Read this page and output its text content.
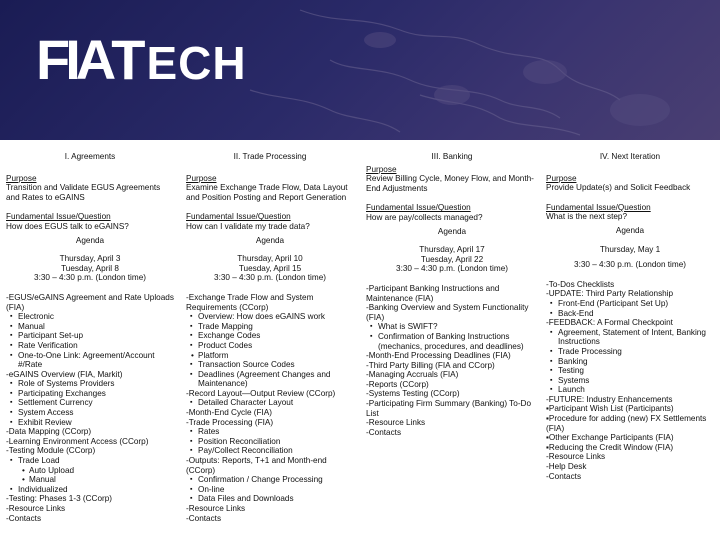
FIATECH
I. Agreements
Purpose
Transition and Validate EGUS Agreements and Rates to eGAINS
Fundamental Issue/Question
How does EGUS talk to eGAINS?
Agenda
Thursday, April 3
Tuesday, April 8
3:30 – 4:30 p.m. (London time)
-EGUS/eGAINS Agreement and Rate Uploads (FIA)
▪ Electronic
▪ Manual
▪ Participant Set-up
▪ Rate Verification
▪ One-to-One Link: Agreement/Account #/Rate
-eGAINS Overview (FIA, Markit)
▪ Role of Systems Providers
▪ Participating Exchanges
▪ Settlement Currency
▪ System Access
▪ Exhibit Review
-Data Mapping (CCorp)
-Learning Environment Access (CCorp)
-Testing Module (CCorp)
▪ Trade Load
• Auto Upload
• Manual
▪ Individualized
-Testing: Phases 1-3 (CCorp)
-Resource Links
-Contacts
II. Trade Processing
Purpose
Examine Exchange Trade Flow, Data Layout and Position Posting and Report Generation
Fundamental Issue/Question
How can I validate my trade data?
Agenda
Thursday, April 10
Tuesday, April 15
3:30 – 4:30 p.m. (London time)
-Exchange Trade Flow and System Requirements (CCorp)
▪ Overview: How does eGAINS work
▪ Trade Mapping
▪ Exchange Codes
▪ Product Codes
• Platform
▪ Transaction Source Codes
▪ Deadlines (Agreement Changes and Maintenance)
-Record Layout—Output Review (CCorp)
▪ Detailed Character Layout
-Month-End Cycle (FIA)
-Trade Processing (FIA)
▪ Rates
▪ Position Reconciliation
▪ Pay/Collect Reconciliation
-Outputs: Reports, T+1 and Month-end (CCorp)
▪ Confirmation / Change Processing
▪ On-line
▪ Data Files and Downloads
-Resource Links
-Contacts
III. Banking
Purpose
Review Billing Cycle, Money Flow, and Month-End Adjustments
Fundamental Issue/Question
How are pay/collects managed?
Agenda
Thursday, April 17
Tuesday, April 22
3:30 – 4:30 p.m. (London time)
-Participant Banking Instructions and Maintenance (FIA)
-Banking Overview and System Functionality (FIA)
▪ What is SWIFT?
▪ Confirmation of Banking Instructions (mechanics, procedures, and deadlines)
-Month-End Processing Deadlines (FIA)
-Third Party Billing (FIA and CCorp)
-Managing Accruals (FIA)
-Reports (CCorp)
-Systems Testing (CCorp)
-Participating Firm Summary (Banking) To-Do List
-Resource Links
-Contacts
IV. Next Iteration
Purpose
Provide Update(s) and Solicit Feedback
Fundamental Issue/Question
What is the next step?
Agenda
Thursday, May 1
3:30 – 4:30 p.m. (London time)
-To-Dos Checklists
-UPDATE: Third Party Relationship
▪ Front-End (Participant Set Up)
▪ Back-End
-FEEDBACK: A Formal Checkpoint
▪ Agreement, Statement of Intent, Banking Instructions
▪ Trade Processing
▪ Banking
▪ Testing
▪ Systems
▪ Launch
-FUTURE: Industry Enhancements
▪Participant Wish List (Participants)
▪Procedure for adding (new) FX Settlements (FIA)
▪Other Exchange Participants (FIA)
▪Reducing the Credit Window (FIA)
-Resource Links
-Help Desk
-Contacts
